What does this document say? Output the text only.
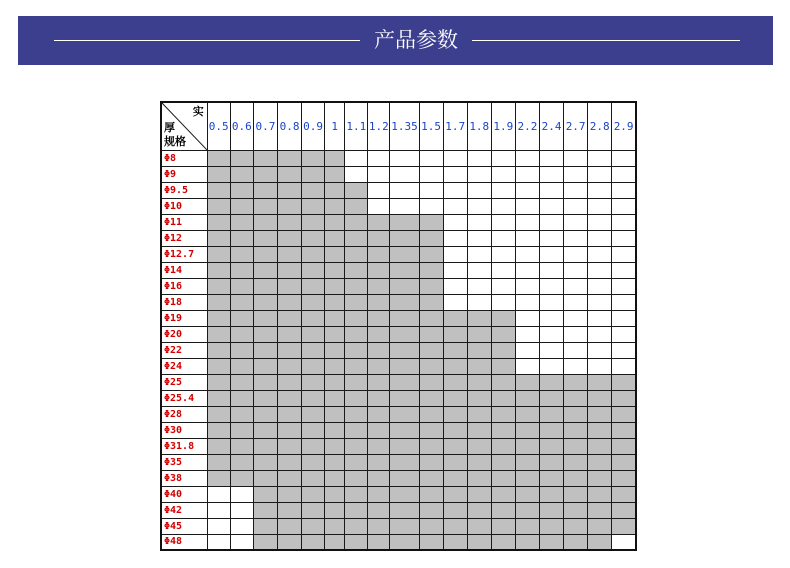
产品参数
实
厚
规格	0.5	0.6	0.7	0.8	0.9	1	1.1	1.2	1.35	1.5	1.7	1.8	1.9	2.2	2.4	2.7	2.8	2.9
Φ8																		
Φ9																		
Φ9.5																		
Φ10																		
Φ11																		
Φ12																		
Φ12.7																		
Φ14																		
Φ16																		
Φ18																		
Φ19																		
Φ20																		
Φ22																		
Φ24																		
Φ25																		
Φ25.4																		
Φ28																		
Φ30																		
Φ31.8																		
Φ35																		
Φ38																		
Φ40																		
Φ42																		
Φ45																		
Φ48																		
